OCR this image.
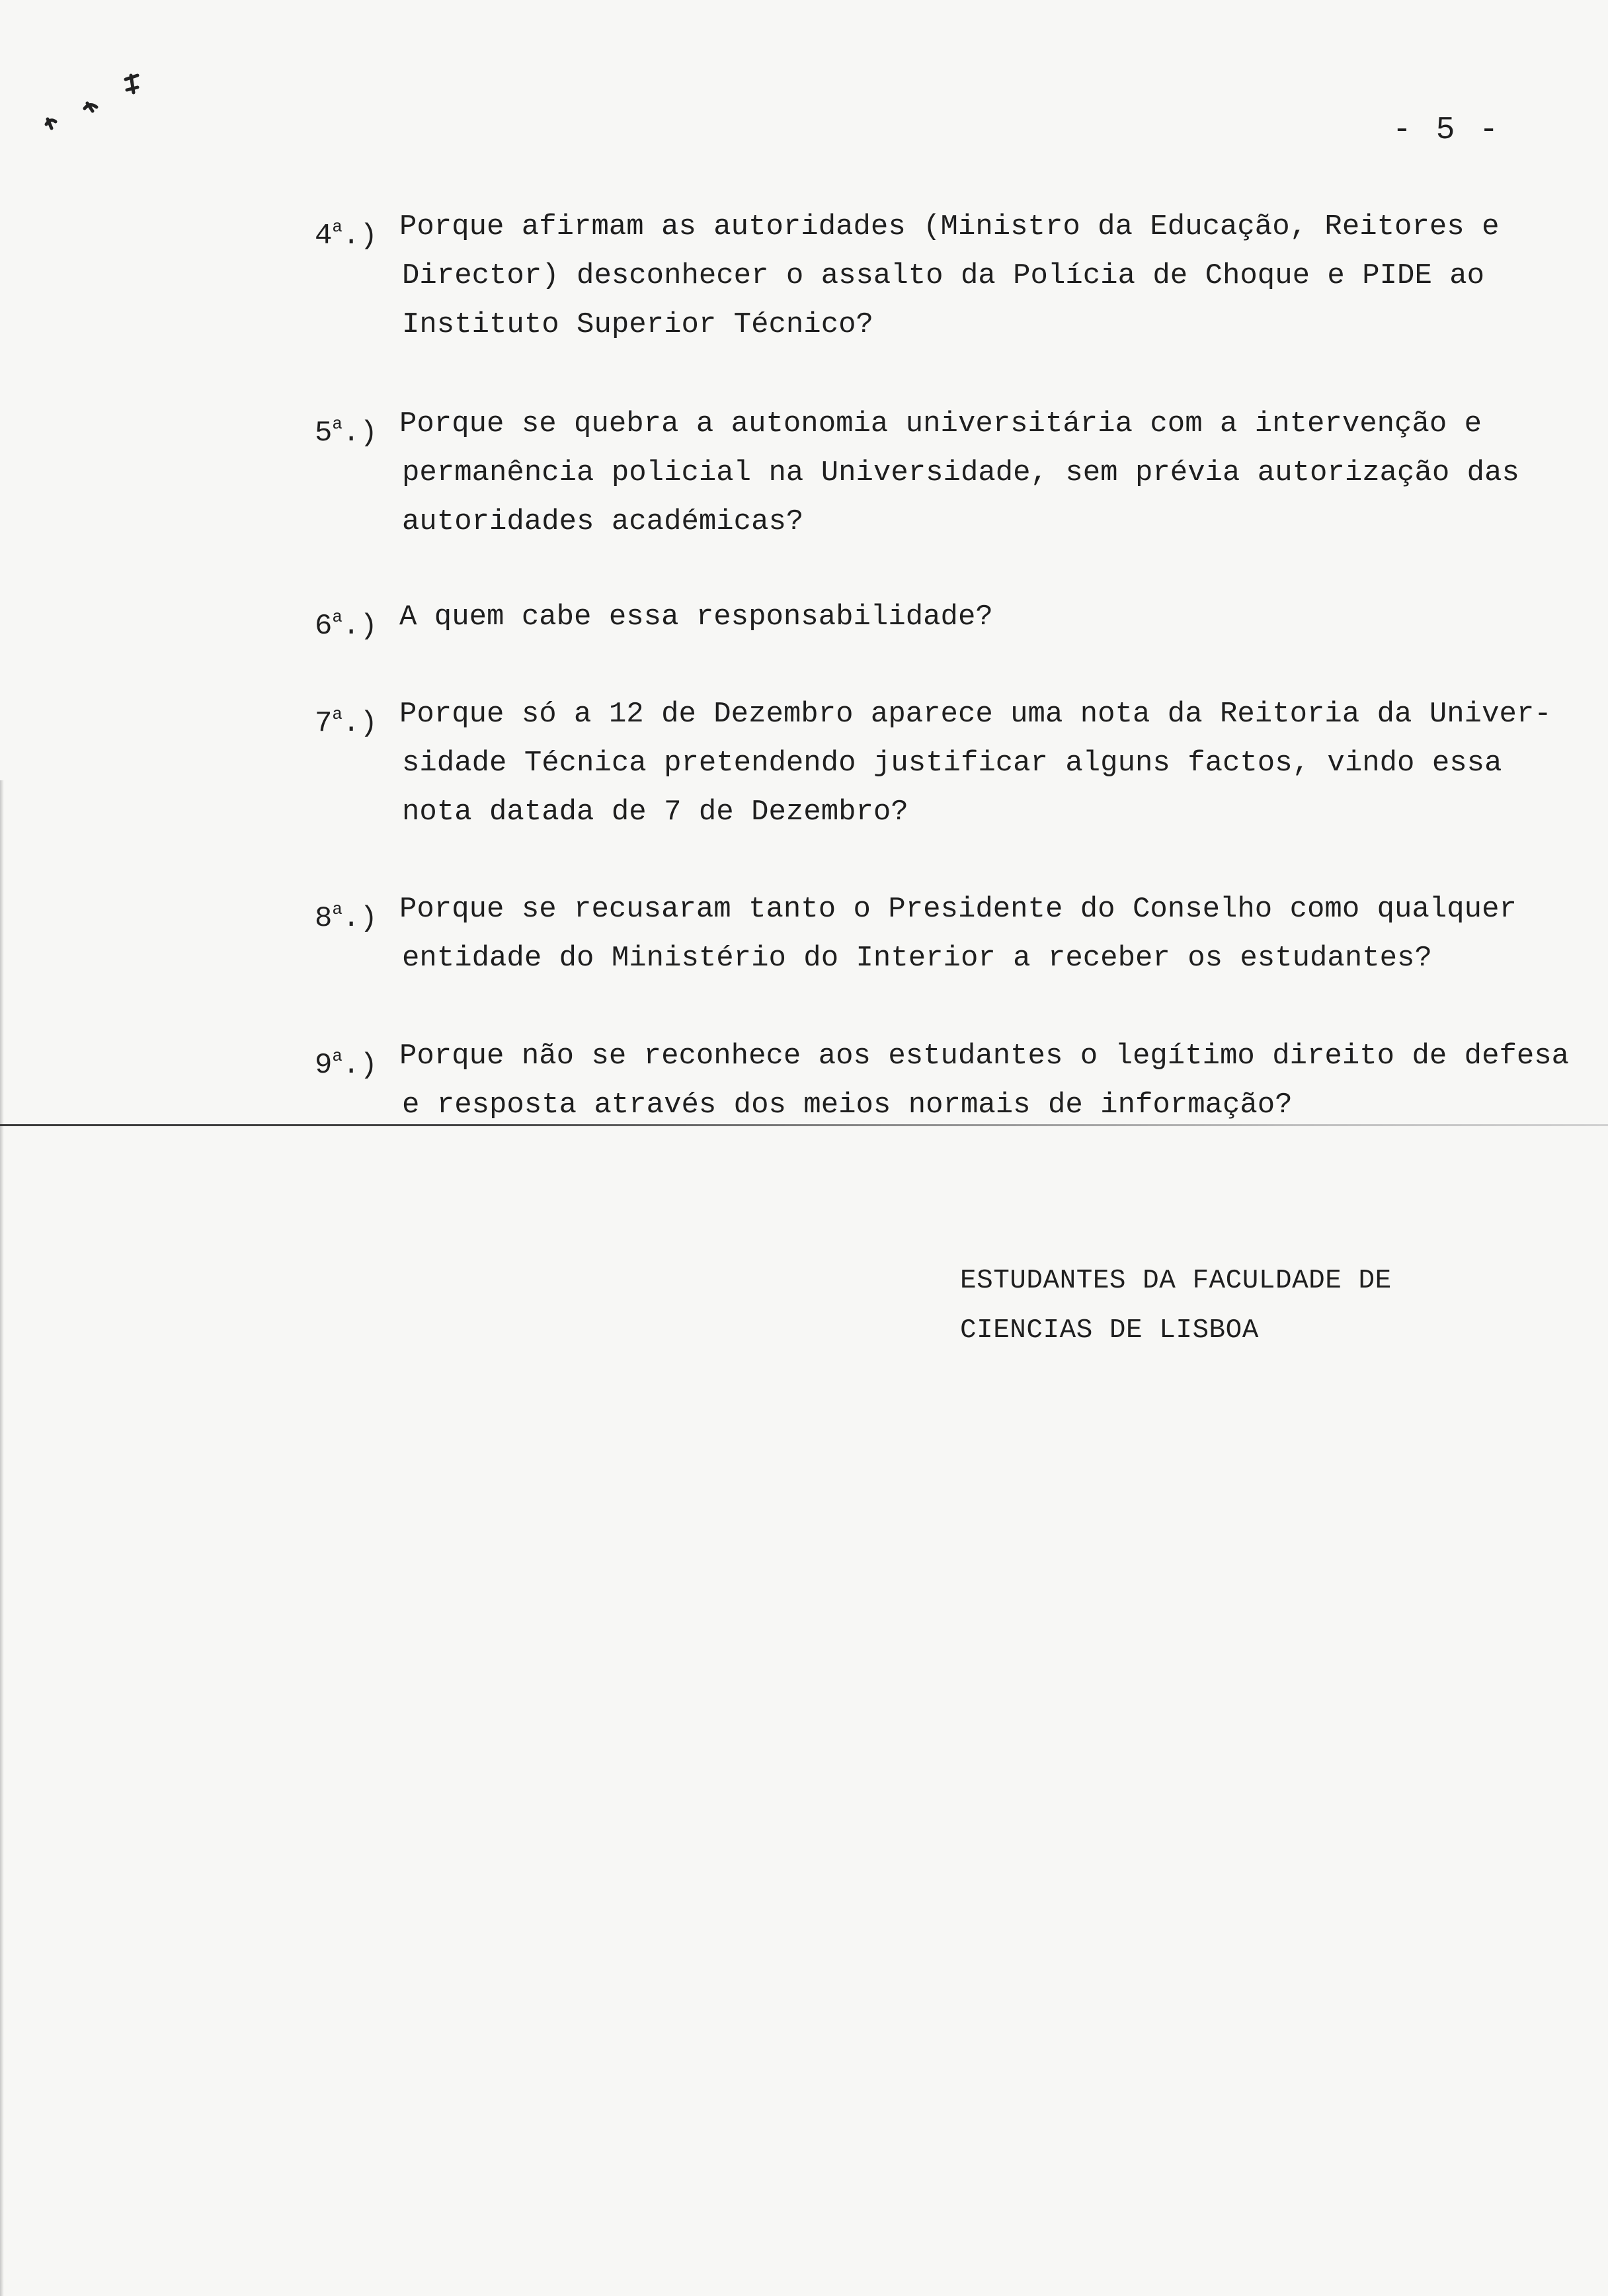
- 5 -
4$^a$.) Porque afirmam as autoridades (Ministro da Educação, Reitores e
Director) desconhecer o assalto da Polícia de Choque e PIDE ao
Instituto Superior Técnico?
5$^a$.) Porque se quebra a autonomia universitária com a intervenção e
permanência policial na Universidade, sem prévia autorização das
autoridades académicas?
6$^a$.) A quem cabe essa responsabilidade?
7$^a$.) Porque só a 12 de Dezembro aparece uma nota da Reitoria da Univer-
sidade Técnica pretendendo justificar alguns factos, vindo essa
nota datada de 7 de Dezembro?
8$^a$.) Porque se recusaram tanto o Presidente do Conselho como qualquer
entidade do Ministério do Interior a receber os estudantes?
9$^a$.) Porque não se reconhece aos estudantes o legítimo direito de defesa
e resposta através dos meios normais de informação?
ESTUDANTES DA FACULDADE DE
CIENCIAS DE LISBOA
